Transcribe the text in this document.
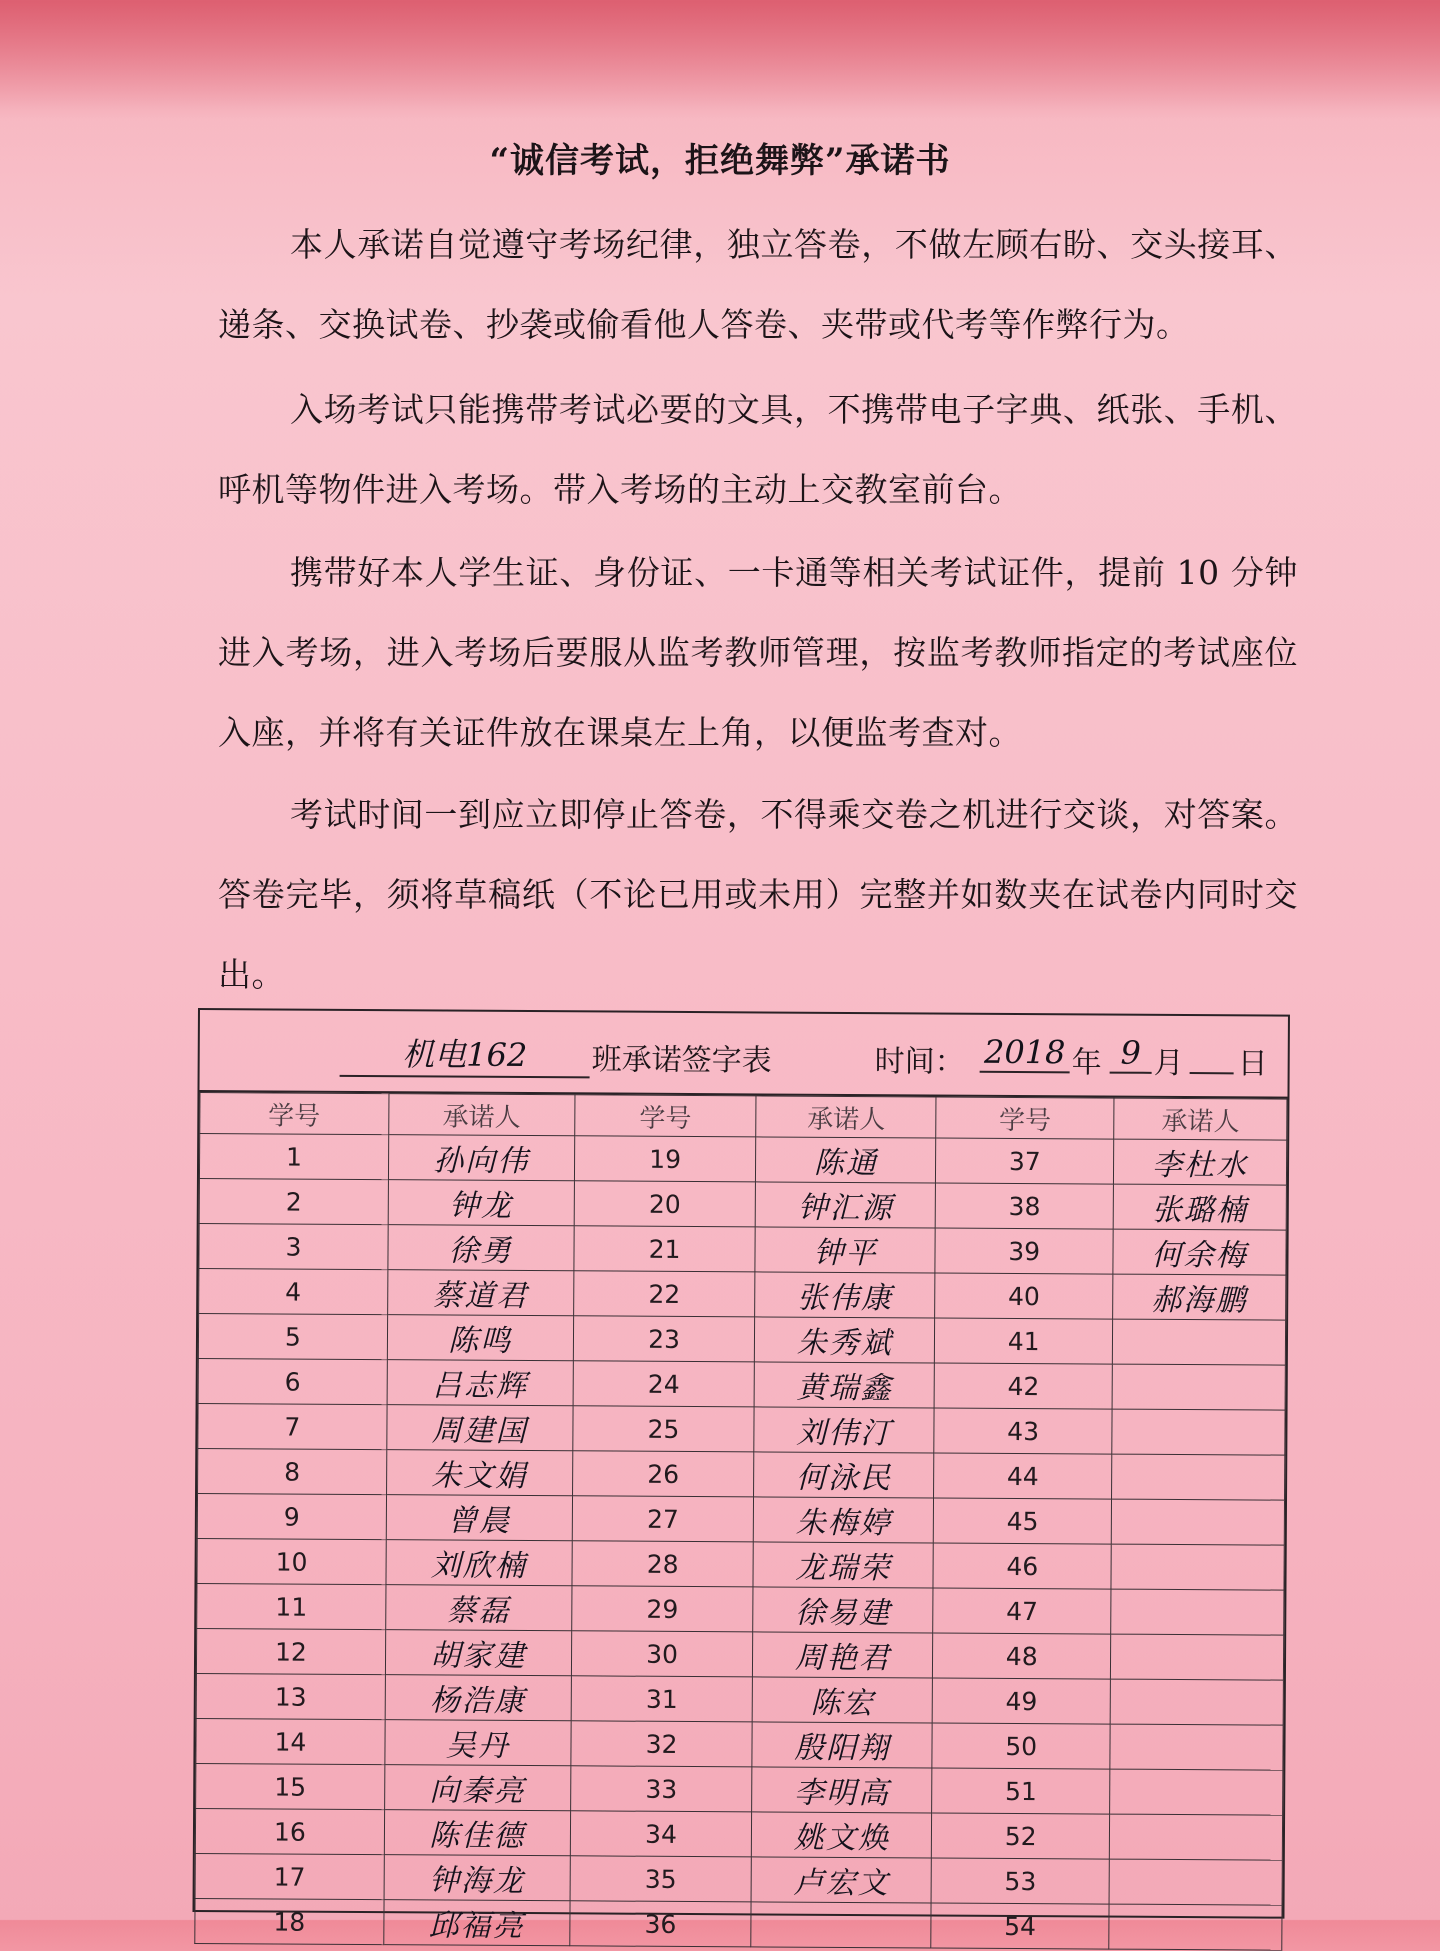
“诚信考试，拒绝舞弊”承诺书
本人承诺自觉遵守考场纪律，独立答卷，不做左顾右盼、交头接耳、递条、交换试卷、抄袭或偷看他人答卷、夹带或代考等作弊行为。
入场考试只能携带考试必要的文具，不携带电子字典、纸张、手机、呼机等物件进入考场。带入考场的主动上交教室前台。
携带好本人学生证、身份证、一卡通等相关考试证件，提前 10 分钟进入考场，进入考场后要服从监考教师管理，按监考教师指定的考试座位入座，并将有关证件放在课桌左上角，以便监考查对。
考试时间一到应立即停止答卷，不得乘交卷之机进行交谈，对答案。答卷完毕，须将草稿纸（不论已用或未用）完整并如数夹在试卷内同时交出。
机电162	班承诺签字表	时间： 2018 年 9 月 日
学号	承诺人	学号	承诺人	学号	承诺人
1	孙向伟	19	陈通	37	李杜水
2	钟龙	20	钟汇源	38	张璐楠
3	徐勇	21	钟平	39	何余梅
4	蔡道君	22	张伟康	40	郝海鹏
5	陈鸣	23	朱秀斌	41	
6	吕志辉	24	黄瑞鑫	42	
7	周建国	25	刘伟汀	43	
8	朱文娟	26	何泳民	44	
9	曾晨	27	朱梅婷	45	
10	刘欣楠	28	龙瑞荣	46	
11	蔡磊	29	徐易建	47	
12	胡家建	30	周艳君	48	
13	杨浩康	31	陈宏	49	
14	吴丹	32	殷阳翔	50	
15	向秦亮	33	李明高	51	
16	陈佳德	34	姚文焕	52	
17	钟海龙	35	卢宏文	53	
18	邱福亮	36		54	
